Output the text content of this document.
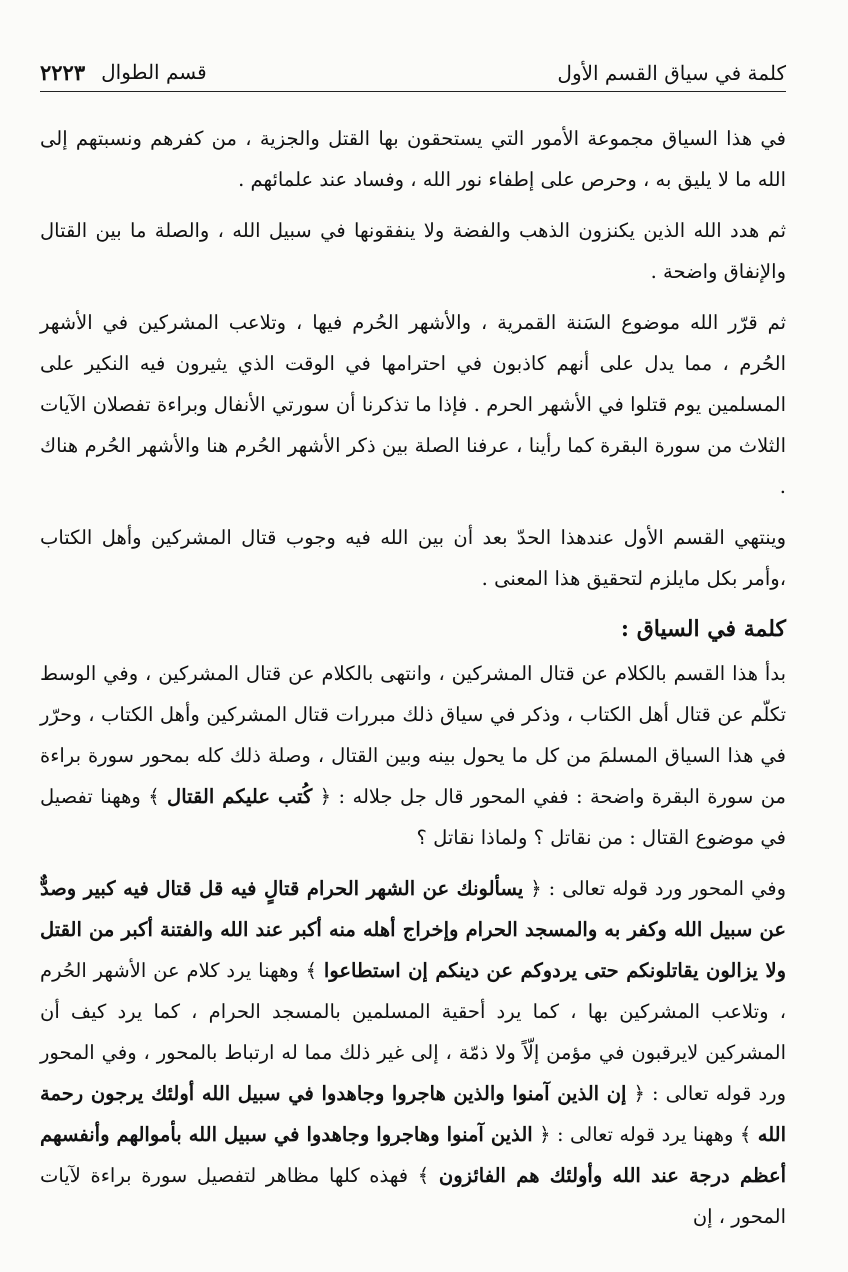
كلمة في سياق القسم الأول
قسم الطوال
٢٢٢٣

في هذا السياق مجموعة الأمور التي يستحقون بها القتل والجزية ، من كفرهم ونسبتهم إلى الله ما لا يليق به ، وحرص على إطفاء نور الله ، وفساد عند علمائهم .

ثم هدد الله الذين يكنزون الذهب والفضة ولا ينفقونها في سبيل الله ، والصلة ما بين القتال والإنفاق واضحة .

ثم قرّر الله موضوع السَنة القمرية ، والأشهر الحُرم فيها ، وتلاعب المشركين في الأشهر الحُرم ، مما يدل على أنهم كاذبون في احترامها في الوقت الذي يثيرون فيه النكير على المسلمين يوم قتلوا في الأشهر الحرم . فإذا ما تذكرنا أن سورتي الأنفال وبراءة تفصلان الآيات الثلاث من سورة البقرة كما رأينا ، عرفنا الصلة بين ذكر الأشهر الحُرم هنا والأشهر الحُرم هناك .

وينتهي القسم الأول عندهذا الحدّ بعد أن بين الله فيه وجوب قتال المشركين وأهل الكتاب ،وأمر بكل مايلزم لتحقيق هذا المعنى .

كلمة في السياق :

بدأ هذا القسم بالكلام عن قتال المشركين ، وانتهى بالكلام عن قتال المشركين ، وفي الوسط تكلّم عن قتال أهل الكتاب ، وذكر في سياق ذلك مبررات قتال المشركين وأهل الكتاب ، وحرّر في هذا السياق المسلمَ من كل ما يحول بينه وبين القتال ، وصلة ذلك كله بمحور سورة براءة من سورة البقرة واضحة : ففي المحور قال جل جلاله : ﴿ كُتب عليكم القتال ﴾ وههنا تفصيل في موضوع القتال : من نقاتل ؟ ولماذا نقاتل ؟

وفي المحور ورد قوله تعالى : ﴿ يسألونك عن الشهر الحرام قتالٍ فيه قل قتال فيه كبير وصدٌّ عن سبيل الله وكفر به والمسجد الحرام وإخراج أهله منه أكبر عند الله والفتنة أكبر من القتل ولا يزالون يقاتلونكم حتى يردوكم عن دينكم إن استطاعوا ﴾ وههنا يرد كلام عن الأشهر الحُرم ، وتلاعب المشركين بها ، كما يرد أحقية المسلمين بالمسجد الحرام ، كما يرد كيف أن المشركين لايرقبون في مؤمن إلّاً ولا ذمّة ، إلى غير ذلك مما له ارتباط بالمحور ، وفي المحور ورد قوله تعالى : ﴿ إن الذين آمنوا والذين هاجروا وجاهدوا في سبيل الله أولئك يرجون رحمة الله ﴾ وههنا يرد قوله تعالى : ﴿ الذين آمنوا وهاجروا وجاهدوا في سبيل الله بأموالهم وأنفسهم أعظم درجة عند الله وأولئك هم الفائزون ﴾ فهذه كلها مظاهر لتفصيل سورة براءة لآيات المحور ، إن
